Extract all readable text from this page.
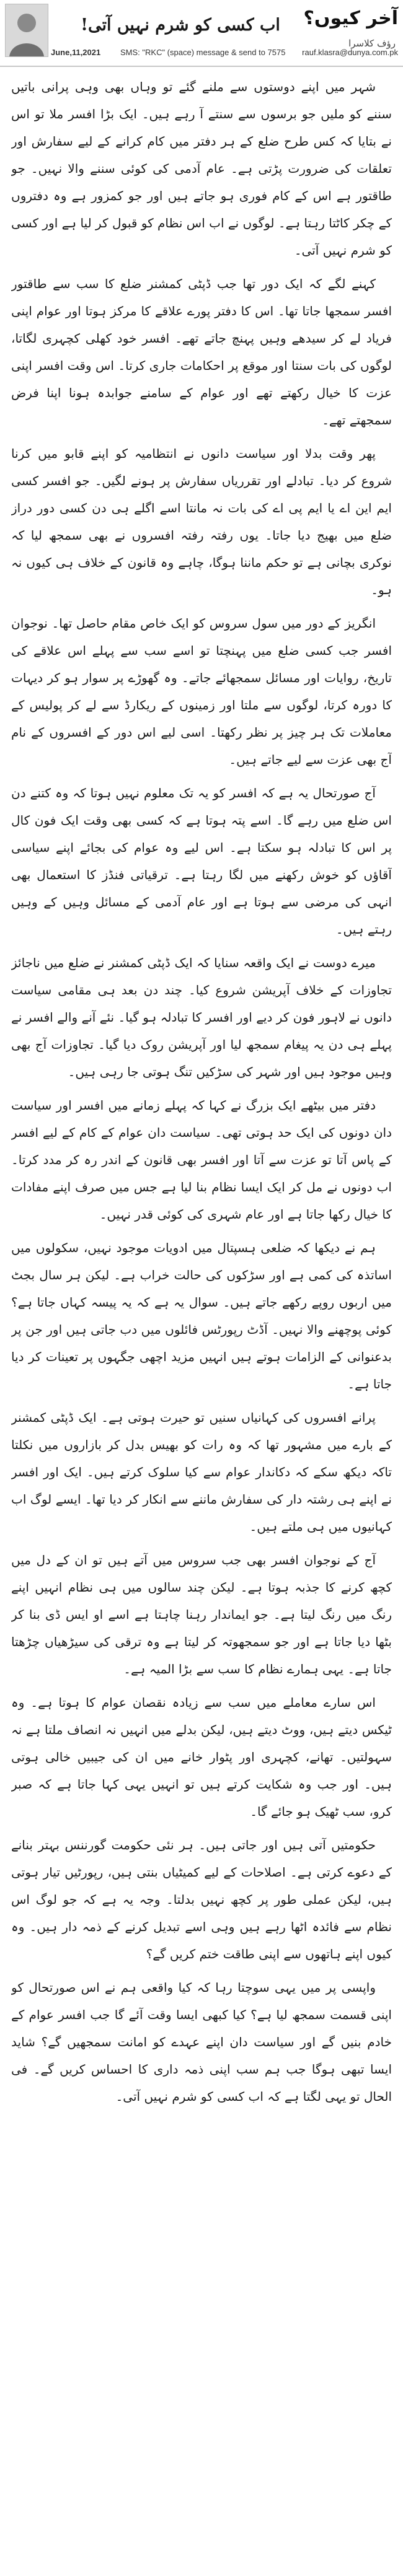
اب کسی کو شرم نہیں آتی!	آخر کیوں؟
رؤف کلاسرا
June,11,2021 SMS: "RKC" (space) message & send to 7575 rauf.klasra@dunya.com.pk

شہر میں اپنے دوستوں سے ملنے گئے تو وہاں بھی وہی پرانی باتیں سننے کو ملیں جو برسوں سے سنتے آ رہے ہیں۔ ایک بڑا افسر ملا تو اس نے بتایا کہ کس طرح ضلع کے ہر دفتر میں کام کرانے کے لیے سفارش اور تعلقات کی ضرورت پڑتی ہے۔ عام آدمی کی کوئی سننے والا نہیں۔ جو طاقتور ہے اس کے کام فوری ہو جاتے ہیں اور جو کمزور ہے وہ دفتروں کے چکر کاٹتا رہتا ہے۔ لوگوں نے اب اس نظام کو قبول کر لیا ہے اور کسی کو شرم نہیں آتی۔

کہنے لگے کہ ایک دور تھا جب ڈپٹی کمشنر ضلع کا سب سے طاقتور افسر سمجھا جاتا تھا۔ اس کا دفتر پورے علاقے کا مرکز ہوتا اور عوام اپنی فریاد لے کر سیدھے وہیں پہنچ جاتے تھے۔ افسر خود کھلی کچہری لگاتا، لوگوں کی بات سنتا اور موقع پر احکامات جاری کرتا۔ اس وقت افسر اپنی عزت کا خیال رکھتے تھے اور عوام کے سامنے جوابدہ ہونا اپنا فرض سمجھتے تھے۔

پھر وقت بدلا اور سیاست دانوں نے انتظامیہ کو اپنے قابو میں کرنا شروع کر دیا۔ تبادلے اور تقرریاں سفارش پر ہونے لگیں۔ جو افسر کسی ایم این اے یا ایم پی اے کی بات نہ مانتا اسے اگلے ہی دن کسی دور دراز ضلع میں بھیج دیا جاتا۔ یوں رفتہ رفتہ افسروں نے بھی سمجھ لیا کہ نوکری بچانی ہے تو حکم ماننا ہوگا، چاہے وہ قانون کے خلاف ہی کیوں نہ ہو۔

انگریز کے دور میں سول سروس کو ایک خاص مقام حاصل تھا۔ نوجوان افسر جب کسی ضلع میں پہنچتا تو اسے سب سے پہلے اس علاقے کی تاریخ، روایات اور مسائل سمجھائے جاتے۔ وہ گھوڑے پر سوار ہو کر دیہات کا دورہ کرتا، لوگوں سے ملتا اور زمینوں کے ریکارڈ سے لے کر پولیس کے معاملات تک ہر چیز پر نظر رکھتا۔ اسی لیے اس دور کے افسروں کے نام آج بھی عزت سے لیے جاتے ہیں۔

آج صورتحال یہ ہے کہ افسر کو یہ تک معلوم نہیں ہوتا کہ وہ کتنے دن اس ضلع میں رہے گا۔ اسے پتہ ہوتا ہے کہ کسی بھی وقت ایک فون کال پر اس کا تبادلہ ہو سکتا ہے۔ اس لیے وہ عوام کی بجائے اپنے سیاسی آقاؤں کو خوش رکھنے میں لگا رہتا ہے۔ ترقیاتی فنڈز کا استعمال بھی انہی کی مرضی سے ہوتا ہے اور عام آدمی کے مسائل وہیں کے وہیں رہتے ہیں۔

میرے دوست نے ایک واقعہ سنایا کہ ایک ڈپٹی کمشنر نے ضلع میں ناجائز تجاوزات کے خلاف آپریشن شروع کیا۔ چند دن بعد ہی مقامی سیاست دانوں نے لاہور فون کر دیے اور افسر کا تبادلہ ہو گیا۔ نئے آنے والے افسر نے پہلے ہی دن یہ پیغام سمجھ لیا اور آپریشن روک دیا گیا۔ تجاوزات آج بھی وہیں موجود ہیں اور شہر کی سڑکیں تنگ ہوتی جا رہی ہیں۔

دفتر میں بیٹھے ایک بزرگ نے کہا کہ پہلے زمانے میں افسر اور سیاست دان دونوں کی ایک حد ہوتی تھی۔ سیاست دان عوام کے کام کے لیے افسر کے پاس آتا تو عزت سے آتا اور افسر بھی قانون کے اندر رہ کر مدد کرتا۔ اب دونوں نے مل کر ایک ایسا نظام بنا لیا ہے جس میں صرف اپنے مفادات کا خیال رکھا جاتا ہے اور عام شہری کی کوئی قدر نہیں۔

ہم نے دیکھا کہ ضلعی ہسپتال میں ادویات موجود نہیں، سکولوں میں اساتذہ کی کمی ہے اور سڑکوں کی حالت خراب ہے۔ لیکن ہر سال بجٹ میں اربوں روپے رکھے جاتے ہیں۔ سوال یہ ہے کہ یہ پیسہ کہاں جاتا ہے؟ کوئی پوچھنے والا نہیں۔ آڈٹ رپورٹس فائلوں میں دب جاتی ہیں اور جن پر بدعنوانی کے الزامات ہوتے ہیں انہیں مزید اچھی جگہوں پر تعینات کر دیا جاتا ہے۔

پرانے افسروں کی کہانیاں سنیں تو حیرت ہوتی ہے۔ ایک ڈپٹی کمشنر کے بارے میں مشہور تھا کہ وہ رات کو بھیس بدل کر بازاروں میں نکلتا تاکہ دیکھ سکے کہ دکاندار عوام سے کیا سلوک کرتے ہیں۔ ایک اور افسر نے اپنے ہی رشتہ دار کی سفارش ماننے سے انکار کر دیا تھا۔ ایسے لوگ اب کہانیوں میں ہی ملتے ہیں۔

آج کے نوجوان افسر بھی جب سروس میں آتے ہیں تو ان کے دل میں کچھ کرنے کا جذبہ ہوتا ہے۔ لیکن چند سالوں میں ہی نظام انہیں اپنے رنگ میں رنگ لیتا ہے۔ جو ایماندار رہنا چاہتا ہے اسے او ایس ڈی بنا کر بٹھا دیا جاتا ہے اور جو سمجھوتہ کر لیتا ہے وہ ترقی کی سیڑھیاں چڑھتا جاتا ہے۔ یہی ہمارے نظام کا سب سے بڑا المیہ ہے۔

اس سارے معاملے میں سب سے زیادہ نقصان عوام کا ہوتا ہے۔ وہ ٹیکس دیتے ہیں، ووٹ دیتے ہیں، لیکن بدلے میں انہیں نہ انصاف ملتا ہے نہ سہولتیں۔ تھانے، کچہری اور پٹوار خانے میں ان کی جیبیں خالی ہوتی ہیں۔ اور جب وہ شکایت کرتے ہیں تو انہیں یہی کہا جاتا ہے کہ صبر کرو، سب ٹھیک ہو جائے گا۔

حکومتیں آتی ہیں اور جاتی ہیں۔ ہر نئی حکومت گورننس بہتر بنانے کے دعوے کرتی ہے۔ اصلاحات کے لیے کمیٹیاں بنتی ہیں، رپورٹیں تیار ہوتی ہیں، لیکن عملی طور پر کچھ نہیں بدلتا۔ وجہ یہ ہے کہ جو لوگ اس نظام سے فائدہ اٹھا رہے ہیں وہی اسے تبدیل کرنے کے ذمہ دار ہیں۔ وہ کیوں اپنے ہاتھوں سے اپنی طاقت ختم کریں گے؟

واپسی پر میں یہی سوچتا رہا کہ کیا واقعی ہم نے اس صورتحال کو اپنی قسمت سمجھ لیا ہے؟ کیا کبھی ایسا وقت آئے گا جب افسر عوام کے خادم بنیں گے اور سیاست دان اپنے عہدے کو امانت سمجھیں گے؟ شاید ایسا تبھی ہوگا جب ہم سب اپنی ذمہ داری کا احساس کریں گے۔ فی الحال تو یہی لگتا ہے کہ اب کسی کو شرم نہیں آتی۔
